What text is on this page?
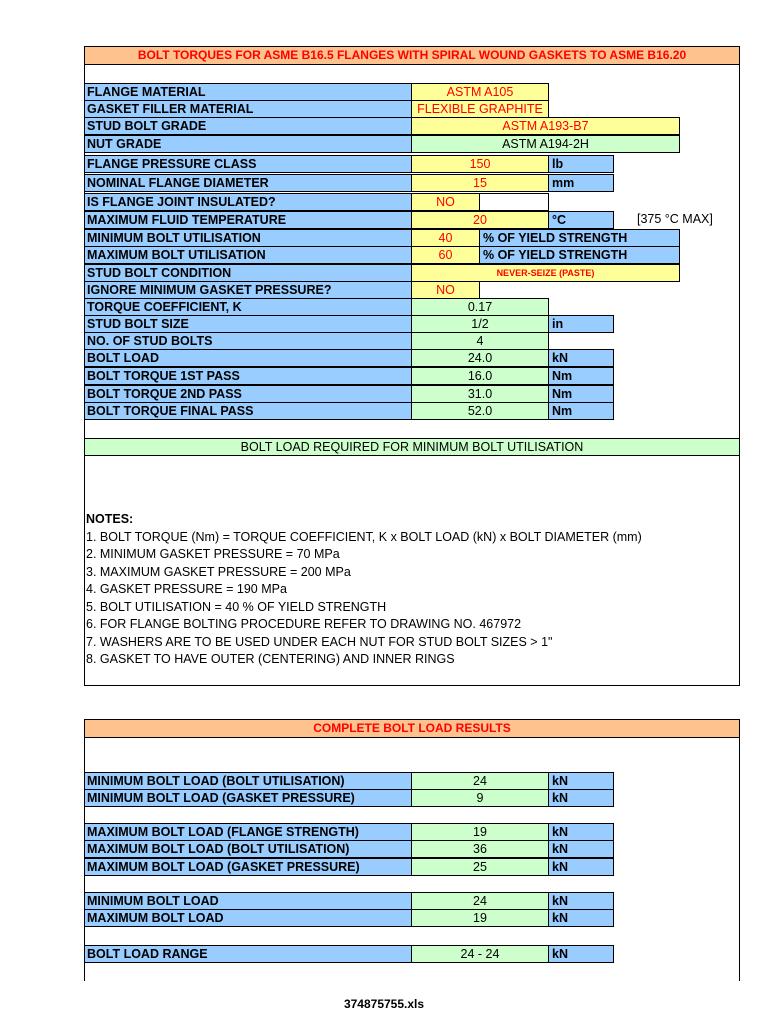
BOLT TORQUES FOR ASME B16.5 FLANGES WITH SPIRAL WOUND GASKETS TO ASME B16.20
FLANGE MATERIAL	ASTM A105
GASKET FILLER MATERIAL	FLEXIBLE GRAPHITE
STUD BOLT GRADE	ASTM A193-B7
NUT GRADE	ASTM A194-2H
FLANGE PRESSURE CLASS	150	lb
NOMINAL FLANGE DIAMETER	15	mm
IS FLANGE JOINT INSULATED?	NO
MAXIMUM FLUID TEMPERATURE	20	°C	[375 °C MAX]
MINIMUM BOLT UTILISATION	40	% OF YIELD STRENGTH
MAXIMUM BOLT UTILISATION	60	% OF YIELD STRENGTH
STUD BOLT CONDITION	NEVER-SEIZE (PASTE)
IGNORE MINIMUM GASKET PRESSURE?	NO
TORQUE COEFFICIENT, K	0.17
STUD BOLT SIZE	1/2	in
NO. OF STUD BOLTS	4
BOLT LOAD	24.0	kN
BOLT TORQUE 1ST PASS	16.0	Nm
BOLT TORQUE 2ND PASS	31.0	Nm
BOLT TORQUE FINAL PASS	52.0	Nm
BOLT LOAD REQUIRED FOR MINIMUM BOLT UTILISATION
NOTES:
1. BOLT TORQUE (Nm) = TORQUE COEFFICIENT, K x BOLT LOAD (kN) x BOLT DIAMETER (mm)
2. MINIMUM GASKET PRESSURE = 70 MPa
3. MAXIMUM GASKET PRESSURE = 200 MPa
4. GASKET PRESSURE = 190 MPa
5. BOLT UTILISATION = 40 % OF YIELD STRENGTH
6. FOR FLANGE BOLTING PROCEDURE REFER TO DRAWING NO. 467972
7. WASHERS ARE TO BE USED UNDER EACH NUT FOR STUD BOLT SIZES > 1"
8. GASKET TO HAVE OUTER (CENTERING) AND INNER RINGS
COMPLETE BOLT LOAD RESULTS
MINIMUM BOLT LOAD (BOLT UTILISATION)	24	kN
MINIMUM BOLT LOAD (GASKET PRESSURE)	9	kN
MAXIMUM BOLT LOAD (FLANGE STRENGTH)	19	kN
MAXIMUM BOLT LOAD (BOLT UTILISATION)	36	kN
MAXIMUM BOLT LOAD (GASKET PRESSURE)	25	kN
MINIMUM BOLT LOAD	24	kN
MAXIMUM BOLT LOAD	19	kN
BOLT LOAD RANGE	24 - 24	kN
374875755.xls
